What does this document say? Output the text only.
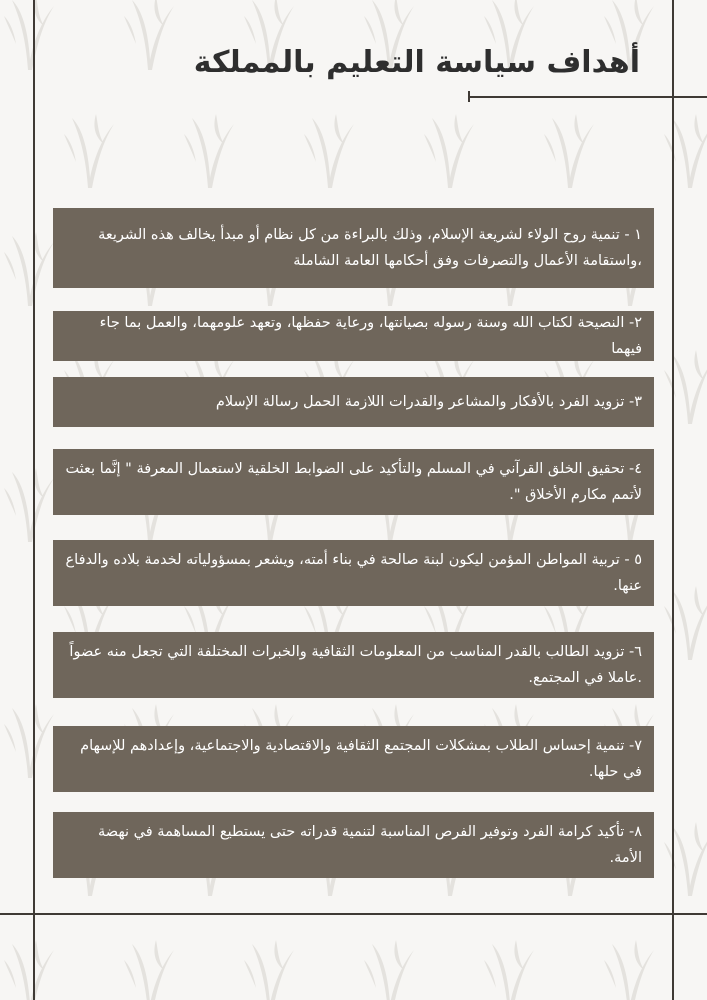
أهداف سياسة التعليم بالمملكة
١ - تنمية روح الولاء لشريعة الإسلام، وذلك بالبراءة من كل نظام أو مبدأ يخالف هذه الشريعة ،واستقامة الأعمال والتصرفات وفق أحكامها العامة الشاملة
٢- النصيحة لكتاب الله وسنة رسوله بصيانتها، ورعاية حفظها، وتعهد علومهما، والعمل بما جاء فيهما
٣- تزويد الفرد بالأفكار والمشاعر والقدرات اللازمة الحمل رسالة الإسلام
٤- تحقيق الخلق القرآني في المسلم والتأكيد على الضوابط الخلقية لاستعمال المعرفة " إنَّما بعثت لأتمم مكارم الأخلاق ".
٥ - تربية المواطن المؤمن ليكون لبنة صالحة في بناء أمته، ويشعر بمسؤولياته لخدمة بلاده والدفاع عنها.
٦- تزويد الطالب بالقدر المناسب من المعلومات الثقافية والخبرات المختلفة التي تجعل منه عضواً .عاملا في المجتمع.
٧- تنمية إحساس الطلاب بمشكلات المجتمع الثقافية والاقتصادية والاجتماعية، وإعدادهم للإسهام في حلها.
٨- تأكيد كرامة الفرد وتوفير الفرص المناسبة لتنمية قدراته حتى يستطيع المساهمة في نهضة الأمة.
